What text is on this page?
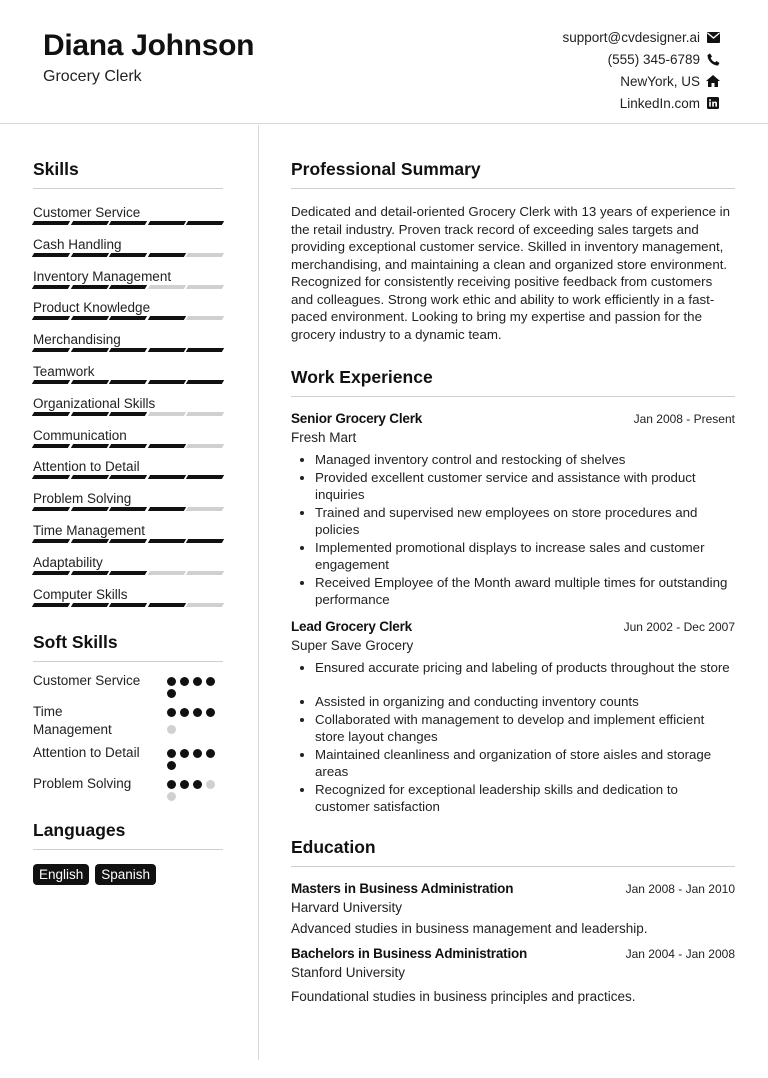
Diana Johnson
Grocery Clerk
support@cvdesigner.ai
(555) 345-6789
NewYork, US
LinkedIn.com
Skills
Customer Service
Cash Handling
Inventory Management
Product Knowledge
Merchandising
Teamwork
Organizational Skills
Communication
Attention to Detail
Problem Solving
Time Management
Adaptability
Computer Skills
Soft Skills
Customer Service
Time Management
Attention to Detail
Problem Solving
Languages
English	Spanish
Professional Summary
Dedicated and detail-oriented Grocery Clerk with 13 years of experience in the retail industry. Proven track record of exceeding sales targets and providing exceptional customer service. Skilled in inventory management, merchandising, and maintaining a clean and organized store environment. Recognized for consistently receiving positive feedback from customers and colleagues. Strong work ethic and ability to work efficiently in a fast-paced environment. Looking to bring my expertise and passion for the grocery industry to a dynamic team.
Work Experience
Senior Grocery Clerk	Jan 2008 - Present
Fresh Mart
• Managed inventory control and restocking of shelves
• Provided excellent customer service and assistance with product inquiries
• Trained and supervised new employees on store procedures and policies
• Implemented promotional displays to increase sales and customer engagement
• Received Employee of the Month award multiple times for outstanding performance
Lead Grocery Clerk	Jun 2002 - Dec 2007
Super Save Grocery
• Ensured accurate pricing and labeling of products throughout the store
• Assisted in organizing and conducting inventory counts
• Collaborated with management to develop and implement efficient store layout changes
• Maintained cleanliness and organization of store aisles and storage areas
• Recognized for exceptional leadership skills and dedication to customer satisfaction
Education
Masters in Business Administration	Jan 2008 - Jan 2010
Harvard University
Advanced studies in business management and leadership.
Bachelors in Business Administration	Jan 2004 - Jan 2008
Stanford University
Foundational studies in business principles and practices.
